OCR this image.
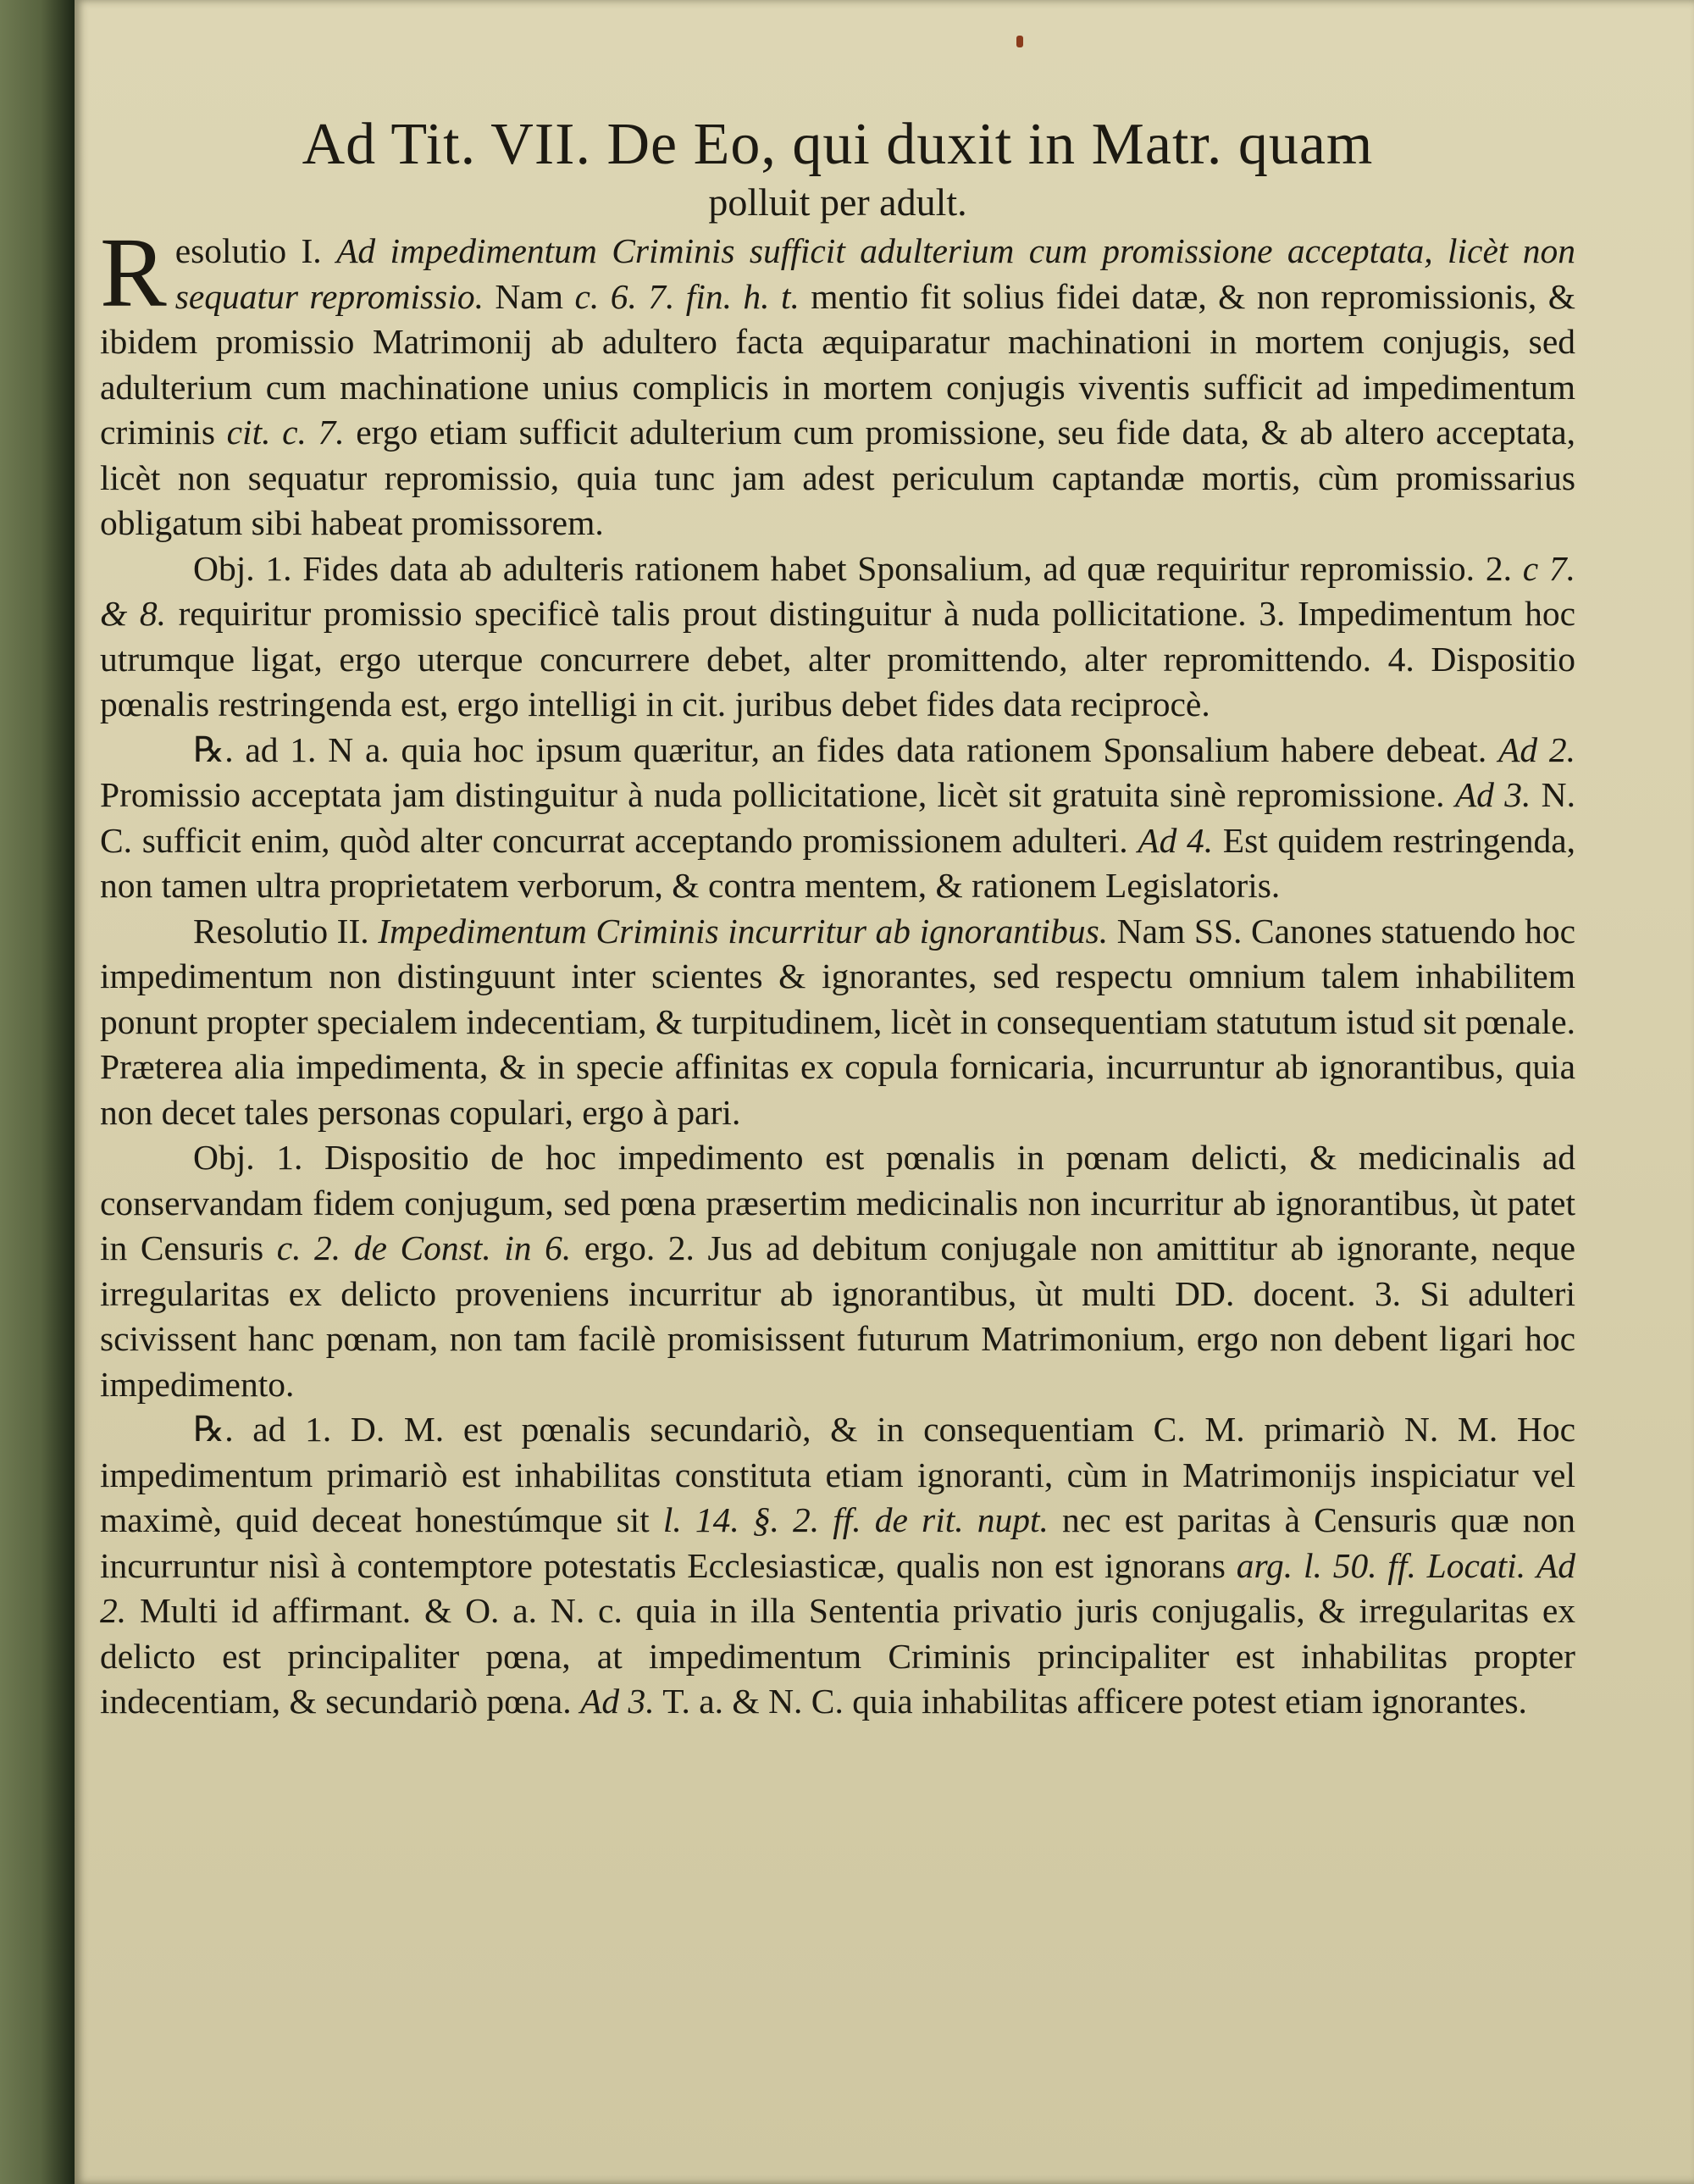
Ad Tit. VII. De Eo, qui duxit in Matr. quam
polluit per adult.

Resolutio I. Ad impedimentum Criminis sufficit adulterium cum promissione acceptata, licèt non sequatur repromissio. Nam c. 6. 7. fin. h. t. mentio fit solius fidei datæ, & non repromissionis, & ibidem promissio Matrimonij ab adultero facta æquiparatur machinationi in mortem conjugis, sed adulterium cum machinatione unius complicis in mortem conjugis viventis sufficit ad impedimentum criminis cit. c. 7. ergo etiam sufficit adulterium cum promissione, seu fide data, & ab altero acceptata, licèt non sequatur repromissio, quia tunc jam adest periculum captandæ mortis, cùm promissarius obligatum sibi habeat promissorem.

Obj. 1. Fides data ab adulteris rationem habet Sponsalium, ad quæ requiritur repromissio. 2. c 7. & 8. requiritur promissio specificè talis prout distinguitur à nuda pollicitatione. 3. Impedimentum hoc utrumque ligat, ergo uterque concurrere debet, alter promittendo, alter repromittendo. 4. Dispositio pœnalis restringenda est, ergo intelligi in cit. juribus debet fides data reciprocè.

℞. ad 1. N a. quia hoc ipsum quæritur, an fides data rationem Sponsalium habere debeat. Ad 2. Promissio acceptata jam distinguitur à nuda pollicitatione, licèt sit gratuita sinè repromissione. Ad 3. N. C. sufficit enim, quòd alter concurrat acceptando promissionem adulteri. Ad 4. Est quidem restringenda, non tamen ultra proprietatem verborum, & contra mentem, & rationem Legislatoris.

Resolutio II. Impedimentum Criminis incurritur ab ignorantibus. Nam SS. Canones statuendo hoc impedimentum non distinguunt inter scientes & ignorantes, sed respectu omnium talem inhabilitem ponunt propter specialem indecentiam, & turpitudinem, licèt in consequentiam statutum istud sit pœnale. Præterea alia impedimenta, & in specie affinitas ex copula fornicaria, incurruntur ab ignorantibus, quia non decet tales personas copulari, ergo à pari.

Obj. 1. Dispositio de hoc impedimento est pœnalis in pœnam delicti, & medicinalis ad conservandam fidem conjugum, sed pœna præsertim medicinalis non incurritur ab ignorantibus, ùt patet in Censuris c. 2. de Const. in 6. ergo. 2. Jus ad debitum conjugale non amittitur ab ignorante, neque irregularitas ex delicto proveniens incurritur ab ignorantibus, ùt multi DD. docent. 3. Si adulteri scivissent hanc pœnam, non tam facilè promisissent futurum Matrimonium, ergo non debent ligari hoc impedimento.

℞. ad 1. D. M. est pœnalis secundariò, & in consequentiam C. M. primariò N. M. Hoc impedimentum primariò est inhabilitas constituta etiam ignoranti, cùm in Matrimonijs inspiciatur vel maximè, quid deceat honestúmque sit l. 14. §. 2. ff. de rit. nupt. nec est paritas à Censuris quæ non incurruntur nisì à contemptore potestatis Ecclesiasticæ, qualis non est ignorans arg. l. 50. ff. Locati. Ad 2. Multi id affirmant. & O. a. N. c. quia in illa Sententia privatio juris conjugalis, & irregularitas ex delicto est principaliter pœna, at impedimentum Criminis principaliter est inhabilitas propter indecentiam, & secundariò pœna. Ad 3. T. a. & N. C. quia inhabilitas afficere potest etiam ignorantes.
